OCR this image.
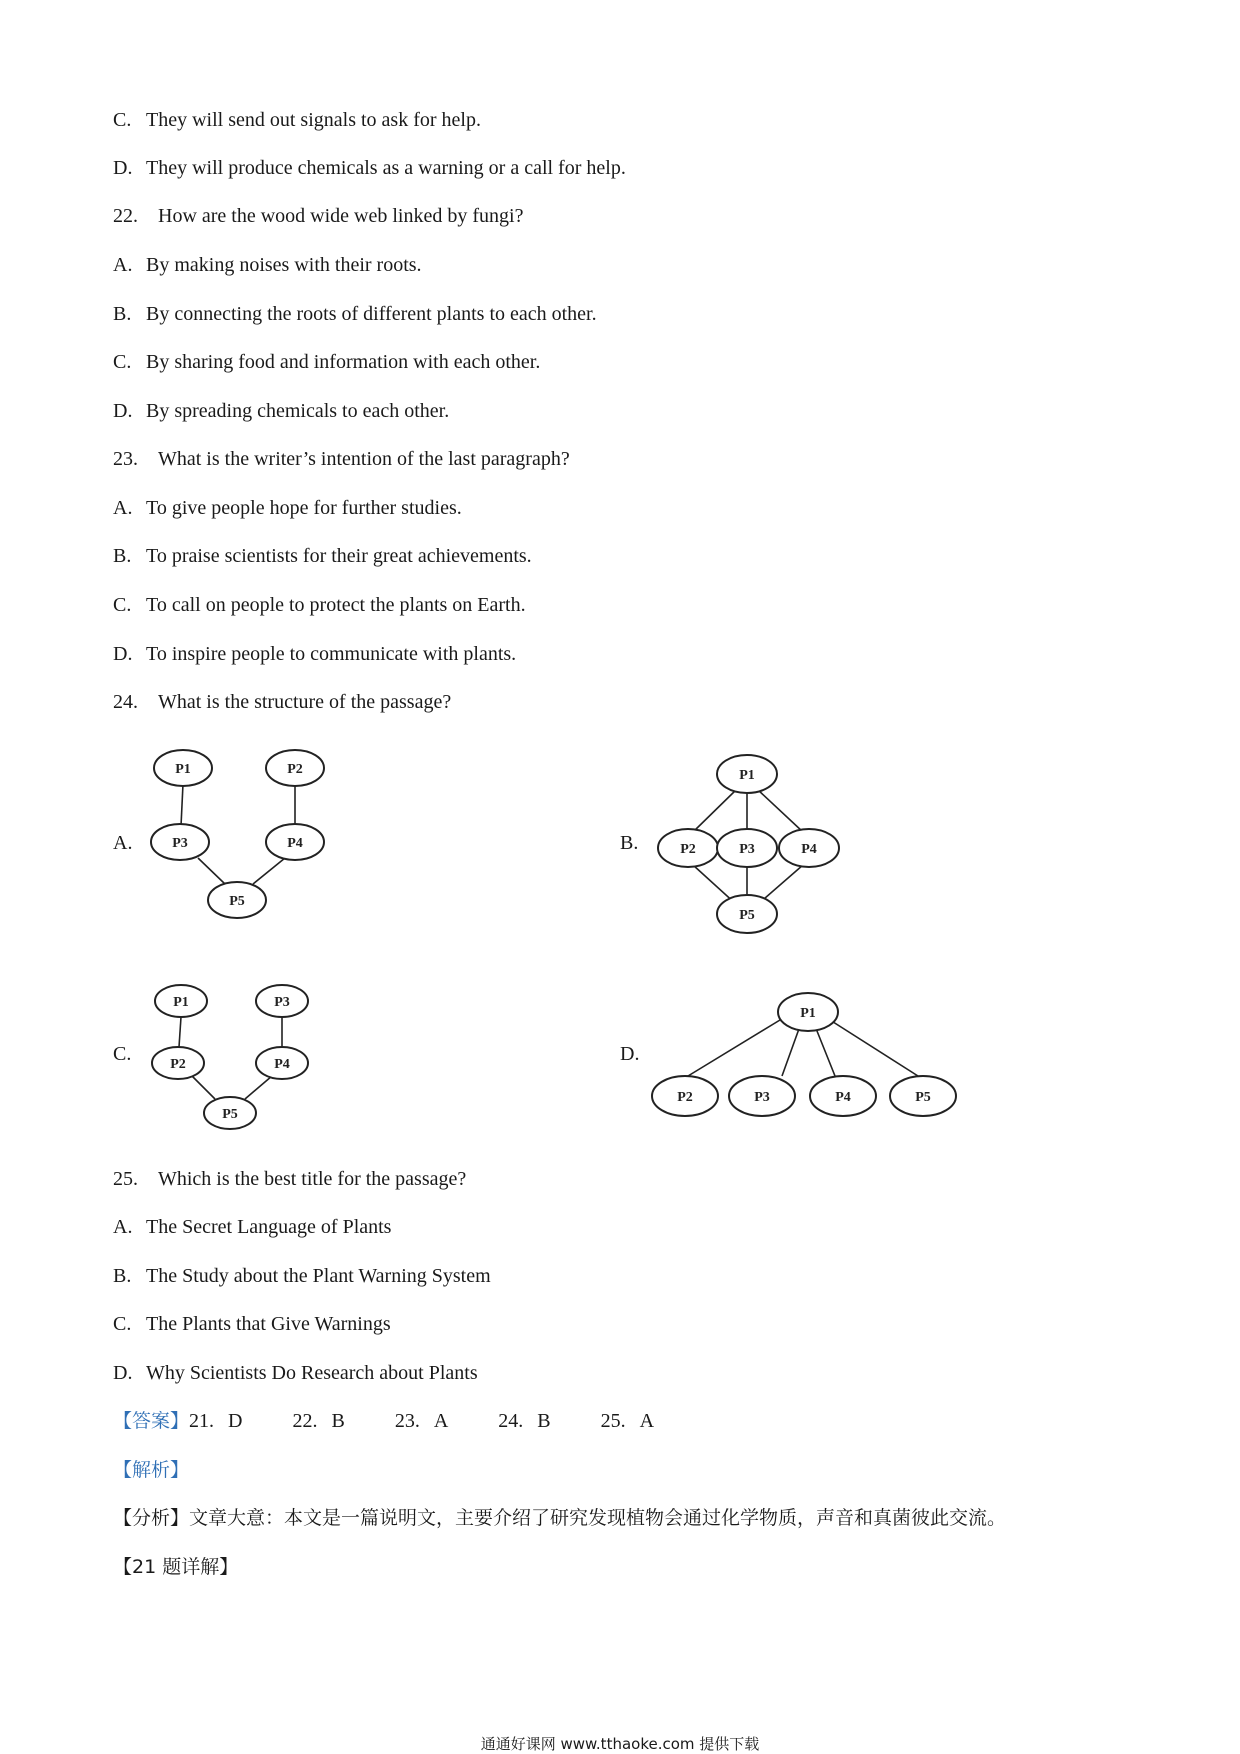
C. They will send out signals to ask for help.
D. They will produce chemicals as a warning or a call for help.
22. How are the wood wide web linked by fungi?
A. By making noises with their roots.
B. By connecting the roots of different plants to each other.
C. By sharing food and information with each other.
D. By spreading chemicals to each other.
23. What is the writer’s intention of the last paragraph?
A. To give people hope for further studies.
B. To praise scientists for their great achievements.
C. To call on people to protect the plants on Earth.
D. To inspire people to communicate with plants.
24. What is the structure of the passage?
A.
P1	P2
P3	P4
P5
B.
P1
P2	P3	P4
P5
C.
P1	P3
P2	P4
P5
D.
P1
P2	P3	P4	P5
25. Which is the best title for the passage?
A. The Secret Language of Plants
B. The Study about the Plant Warning System
C. The Plants that Give Warnings
D. Why Scientists Do Research about Plants
【答案】21. D	22. B	23. A	24. B	25. A
【解析】
【分析】文章大意：本文是一篇说明文，主要介绍了研究发现植物会通过化学物质，声音和真菌彼此交流。
【21 题详解】
通通好课网 www.tthaoke.com 提供下载
